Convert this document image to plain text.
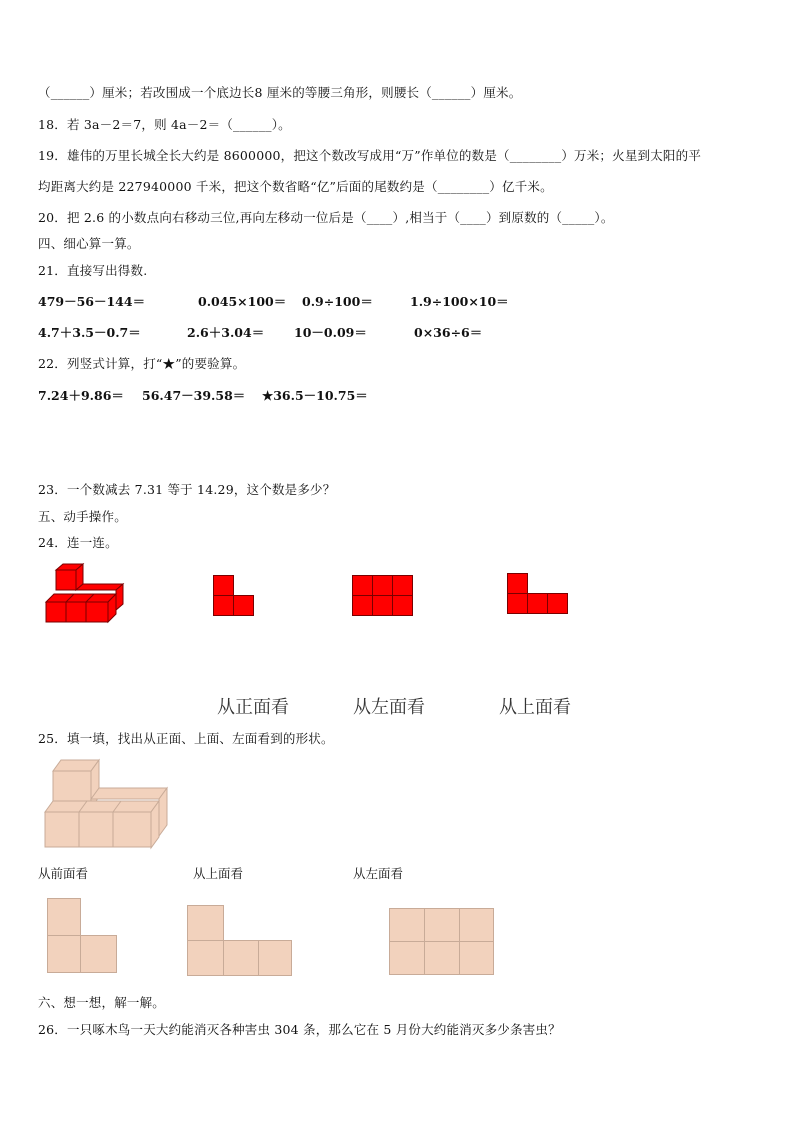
（______）厘米；若改围成一个底边长8 厘米的等腰三角形，则腰长（______）厘米。
18．若 3a－2＝7，则 4a－2＝（______）。
19．雄伟的万里长城全长大约是 8600000，把这个数改写成用“万”作单位的数是（________）万米；火星到太阳的平
均距离大约是 227940000 千米，把这个数省略“亿”后面的尾数约是（________）亿千米。
20．把 2.6 的小数点向右移动三位,再向左移动一位后是（____）,相当于（____）到原数的（_____）。
四、细心算一算。
21．直接写出得数.
479－56－144＝	0.045×100＝ 0.9÷100＝	1.9÷100×10＝
4.7＋3.5－0.7＝	2.6＋3.04＝ 10－0.09＝	0×36÷6＝
22．列竖式计算，打“★”的要验算。
7.24＋9.86＝ 56.47－39.58＝ ★36.5－10.75＝
23．一个数减去 7.31 等于 14.29，这个数是多少？
五、动手操作。
24．连一连。
从正面看	从左面看	从上面看
25．填一填，找出从正面、上面、左面看到的形状。
从前面看	从上面看	从左面看
六、想一想，解一解。
26．一只啄木鸟一天大约能消灭各种害虫 304 条，那么它在 5 月份大约能消灭多少条害虫？
